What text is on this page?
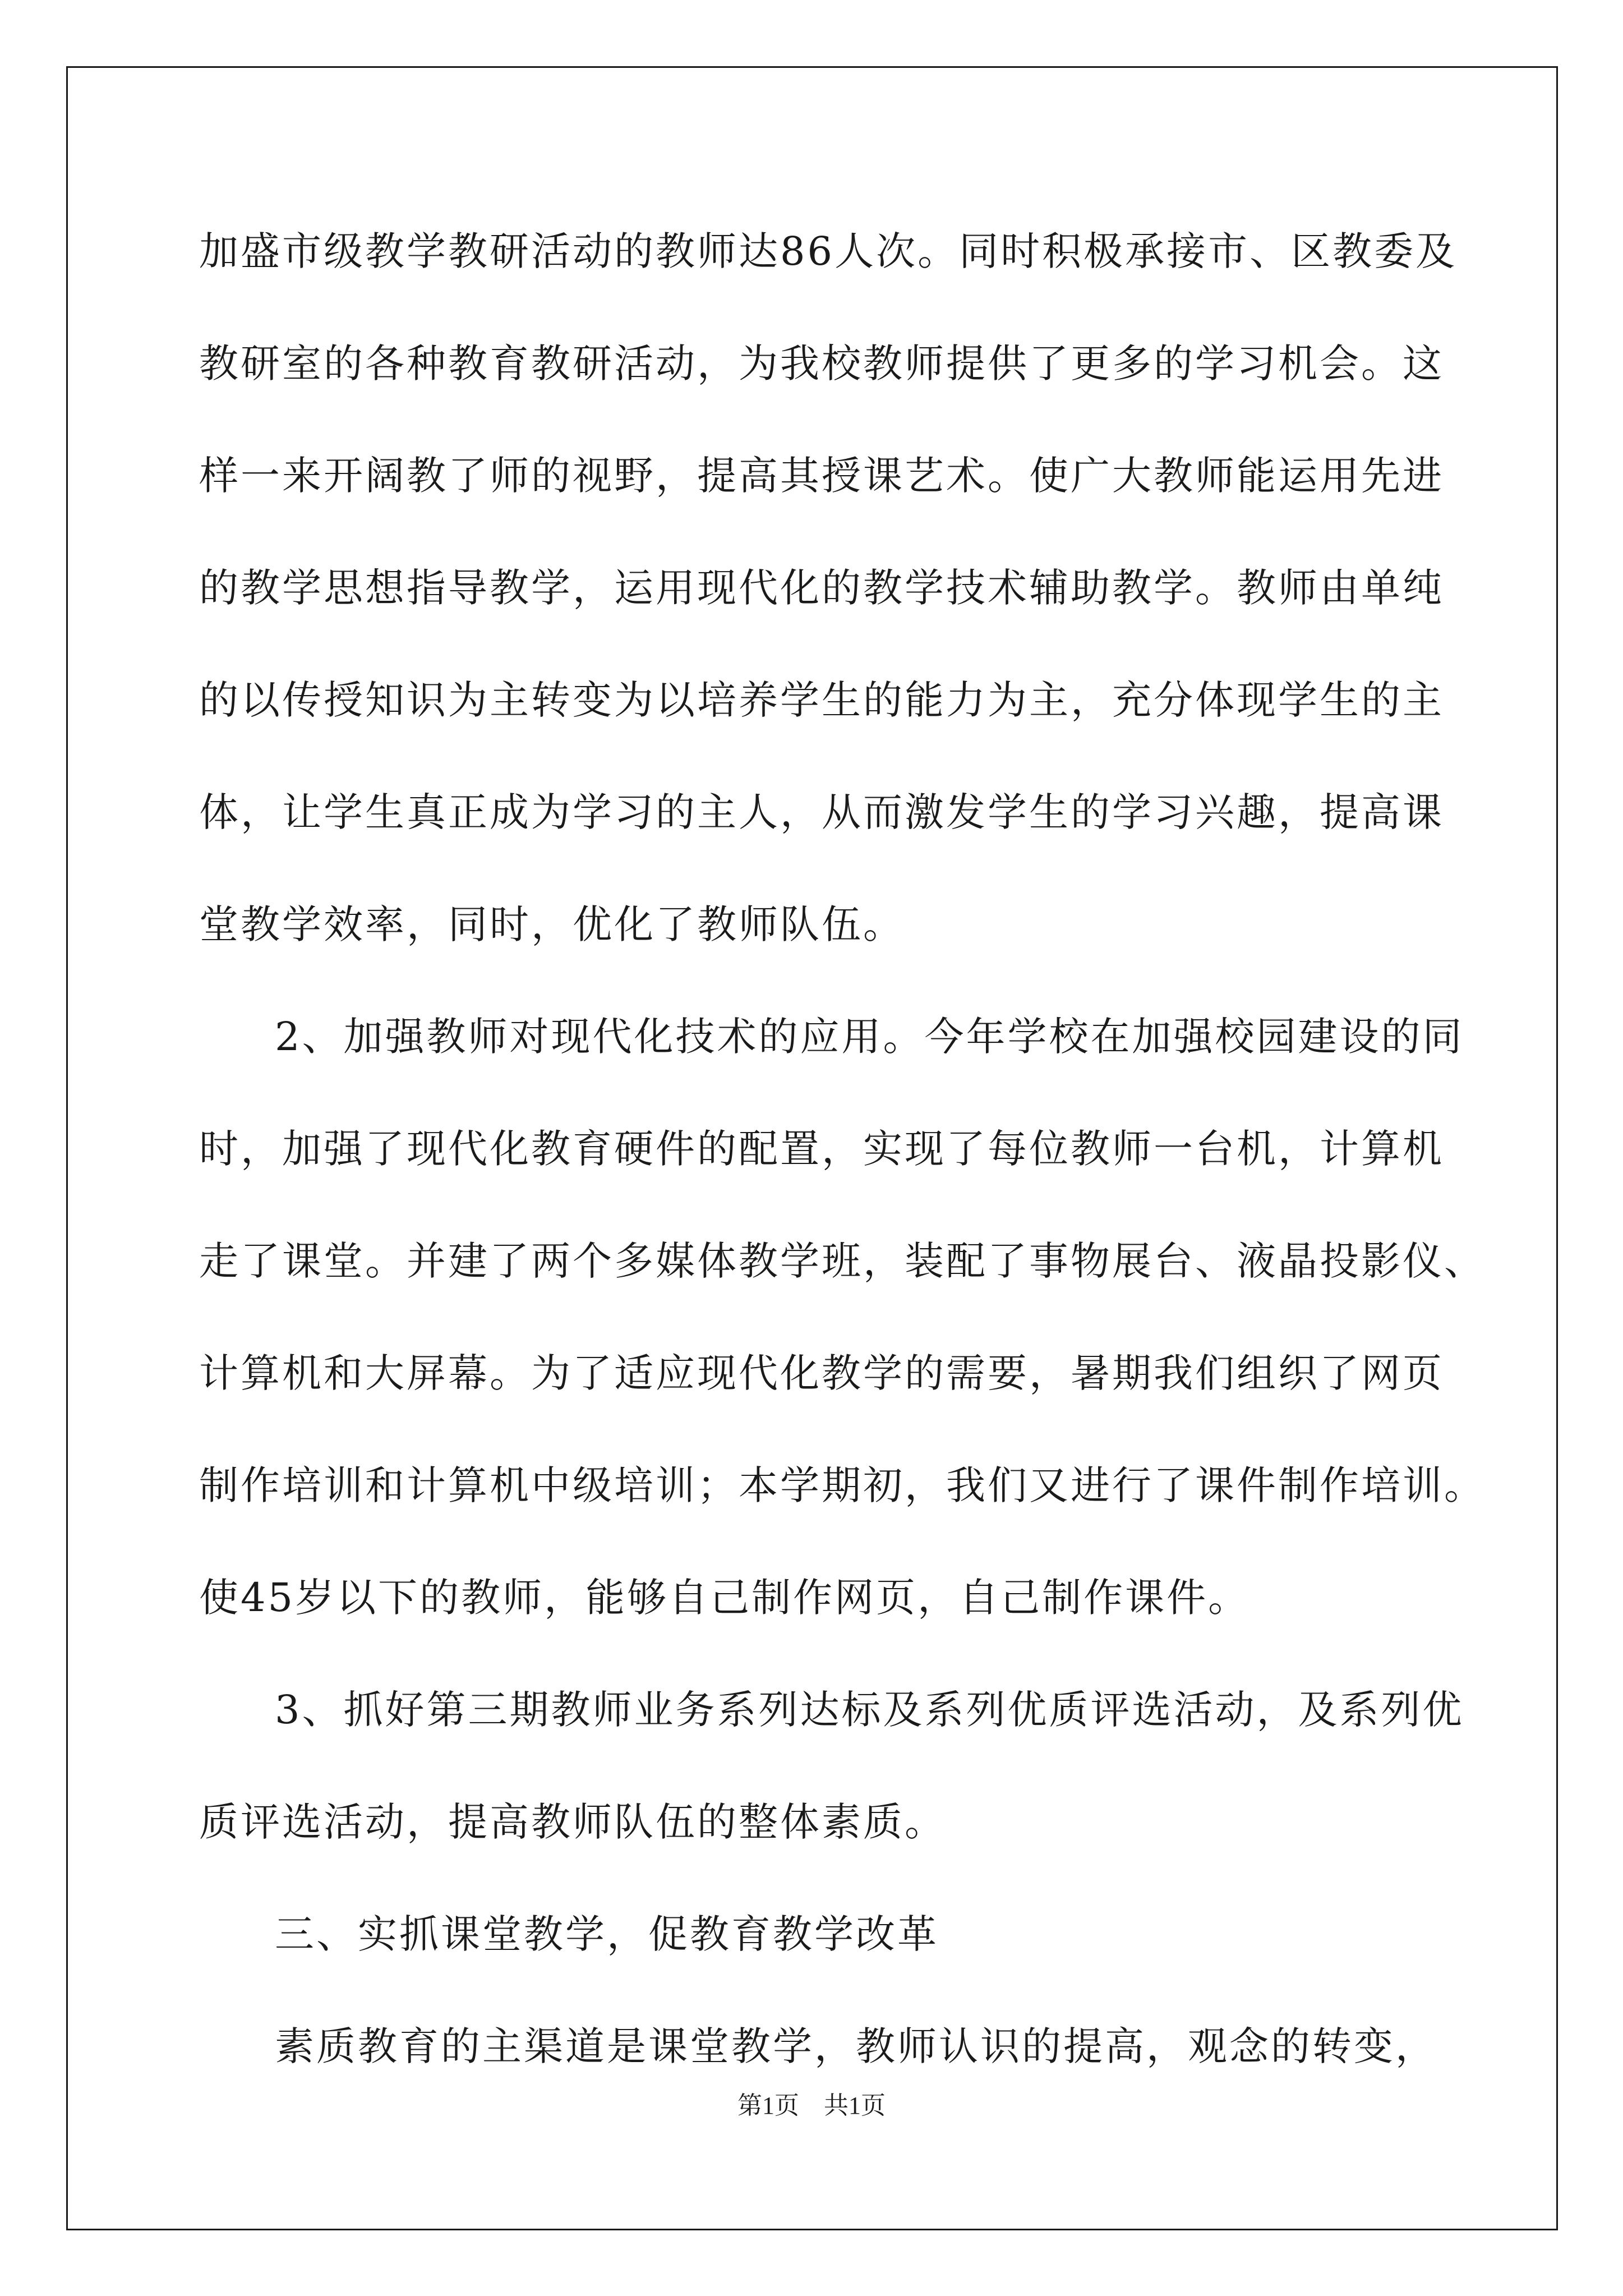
加盛市级教学教研活动的教师达86人次。同时积极承接市、区教委及
教研室的各种教育教研活动，为我校教师提供了更多的学习机会。这
样一来开阔教了师的视野，提高其授课艺术。使广大教师能运用先进
的教学思想指导教学，运用现代化的教学技术辅助教学。教师由单纯
的以传授知识为主转变为以培养学生的能力为主，充分体现学生的主
体，让学生真正成为学习的主人，从而激发学生的学习兴趣，提高课
堂教学效率，同时，优化了教师队伍。
2、加强教师对现代化技术的应用。今年学校在加强校园建设的同
时，加强了现代化教育硬件的配置，实现了每位教师一台机，计算机
走了课堂。并建了两个多媒体教学班，装配了事物展台、液晶投影仪、
计算机和大屏幕。为了适应现代化教学的需要，暑期我们组织了网页
制作培训和计算机中级培训；本学期初，我们又进行了课件制作培训。
使45岁以下的教师，能够自己制作网页，自己制作课件。
3、抓好第三期教师业务系列达标及系列优质评选活动，及系列优
质评选活动，提高教师队伍的整体素质。
三、实抓课堂教学，促教育教学改革
素质教育的主渠道是课堂教学，教师认识的提高，观念的转变，
第1页　共1页
